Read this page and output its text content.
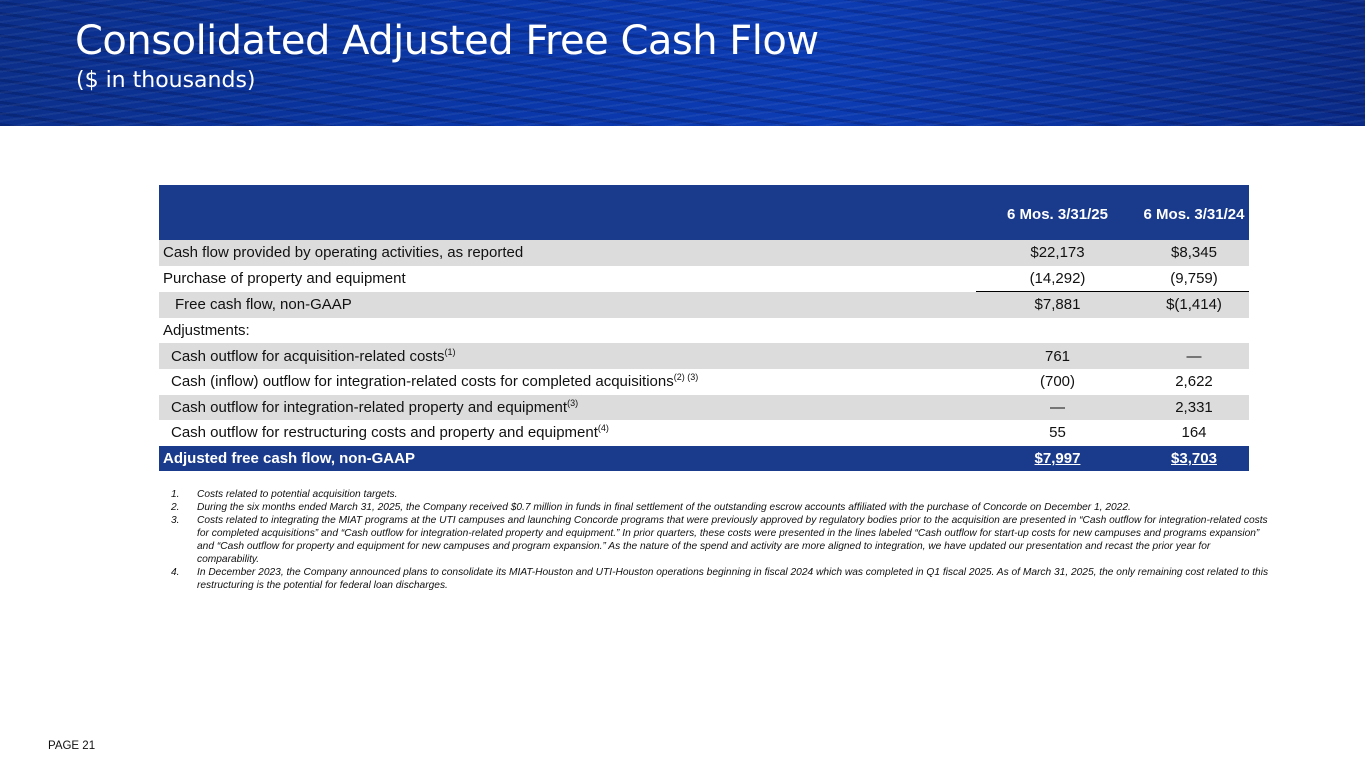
Consolidated Adjusted Free Cash Flow
($ in thousands)
	6 Mos. 3/31/25	6 Mos. 3/31/24
Cash flow provided by operating activities, as reported	$22,173	$8,345
Purchase of property and equipment	(14,292)	(9,759)
Free cash flow, non-GAAP	$7,881	$(1,414)
Adjustments:		
Cash outflow for acquisition-related costs$^{(1)}$	761	—
Cash (inflow) outflow for integration-related costs for completed acquisitions$^{(2) (3)}$	(700)	2,622
Cash outflow for integration-related property and equipment$^{(3)}$	—	2,331
Cash outflow for restructuring costs and property and equipment$^{(4)}$	55	164
Adjusted free cash flow, non-GAAP	$7,997	$3,703
1.	Costs related to potential acquisition targets.
2.	During the six months ended March 31, 2025, the Company received $0.7 million in funds in final settlement of the outstanding escrow accounts affiliated with the purchase of Concorde on December 1, 2022.
3.	Costs related to integrating the MIAT programs at the UTI campuses and launching Concorde programs that were previously approved by regulatory bodies prior to the acquisition are presented in “Cash outflow for integration-related costs for completed acquisitions” and “Cash outflow for integration-related property and equipment.” In prior quarters, these costs were presented in the lines labeled “Cash outflow for start-up costs for new campuses and programs expansion” and “Cash outflow for property and equipment for new campuses and program expansion.” As the nature of the spend and activity are more aligned to integration, we have updated our presentation and recast the prior year for comparability.
4.	In December 2023, the Company announced plans to consolidate its MIAT-Houston and UTI-Houston operations beginning in fiscal 2024 which was completed in Q1 fiscal 2025. As of March 31, 2025, the only remaining cost related to this restructuring is the potential for federal loan discharges.
PAGE 21
